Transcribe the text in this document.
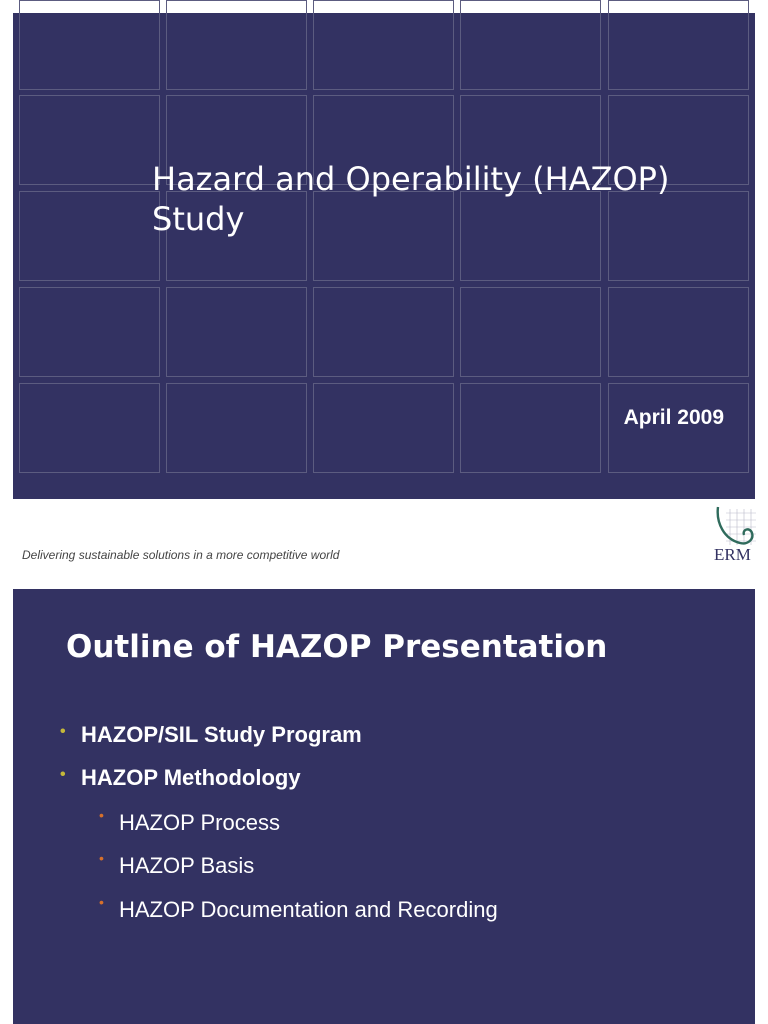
Hazard and Operability (HAZOP) Study

April 2009

Delivering sustainable solutions in a more competitive world	ERM
Outline of HAZOP Presentation

• HAZOP/SIL Study Program

• HAZOP Methodology

• HAZOP Process

• HAZOP Basis

• HAZOP Documentation and Recording
